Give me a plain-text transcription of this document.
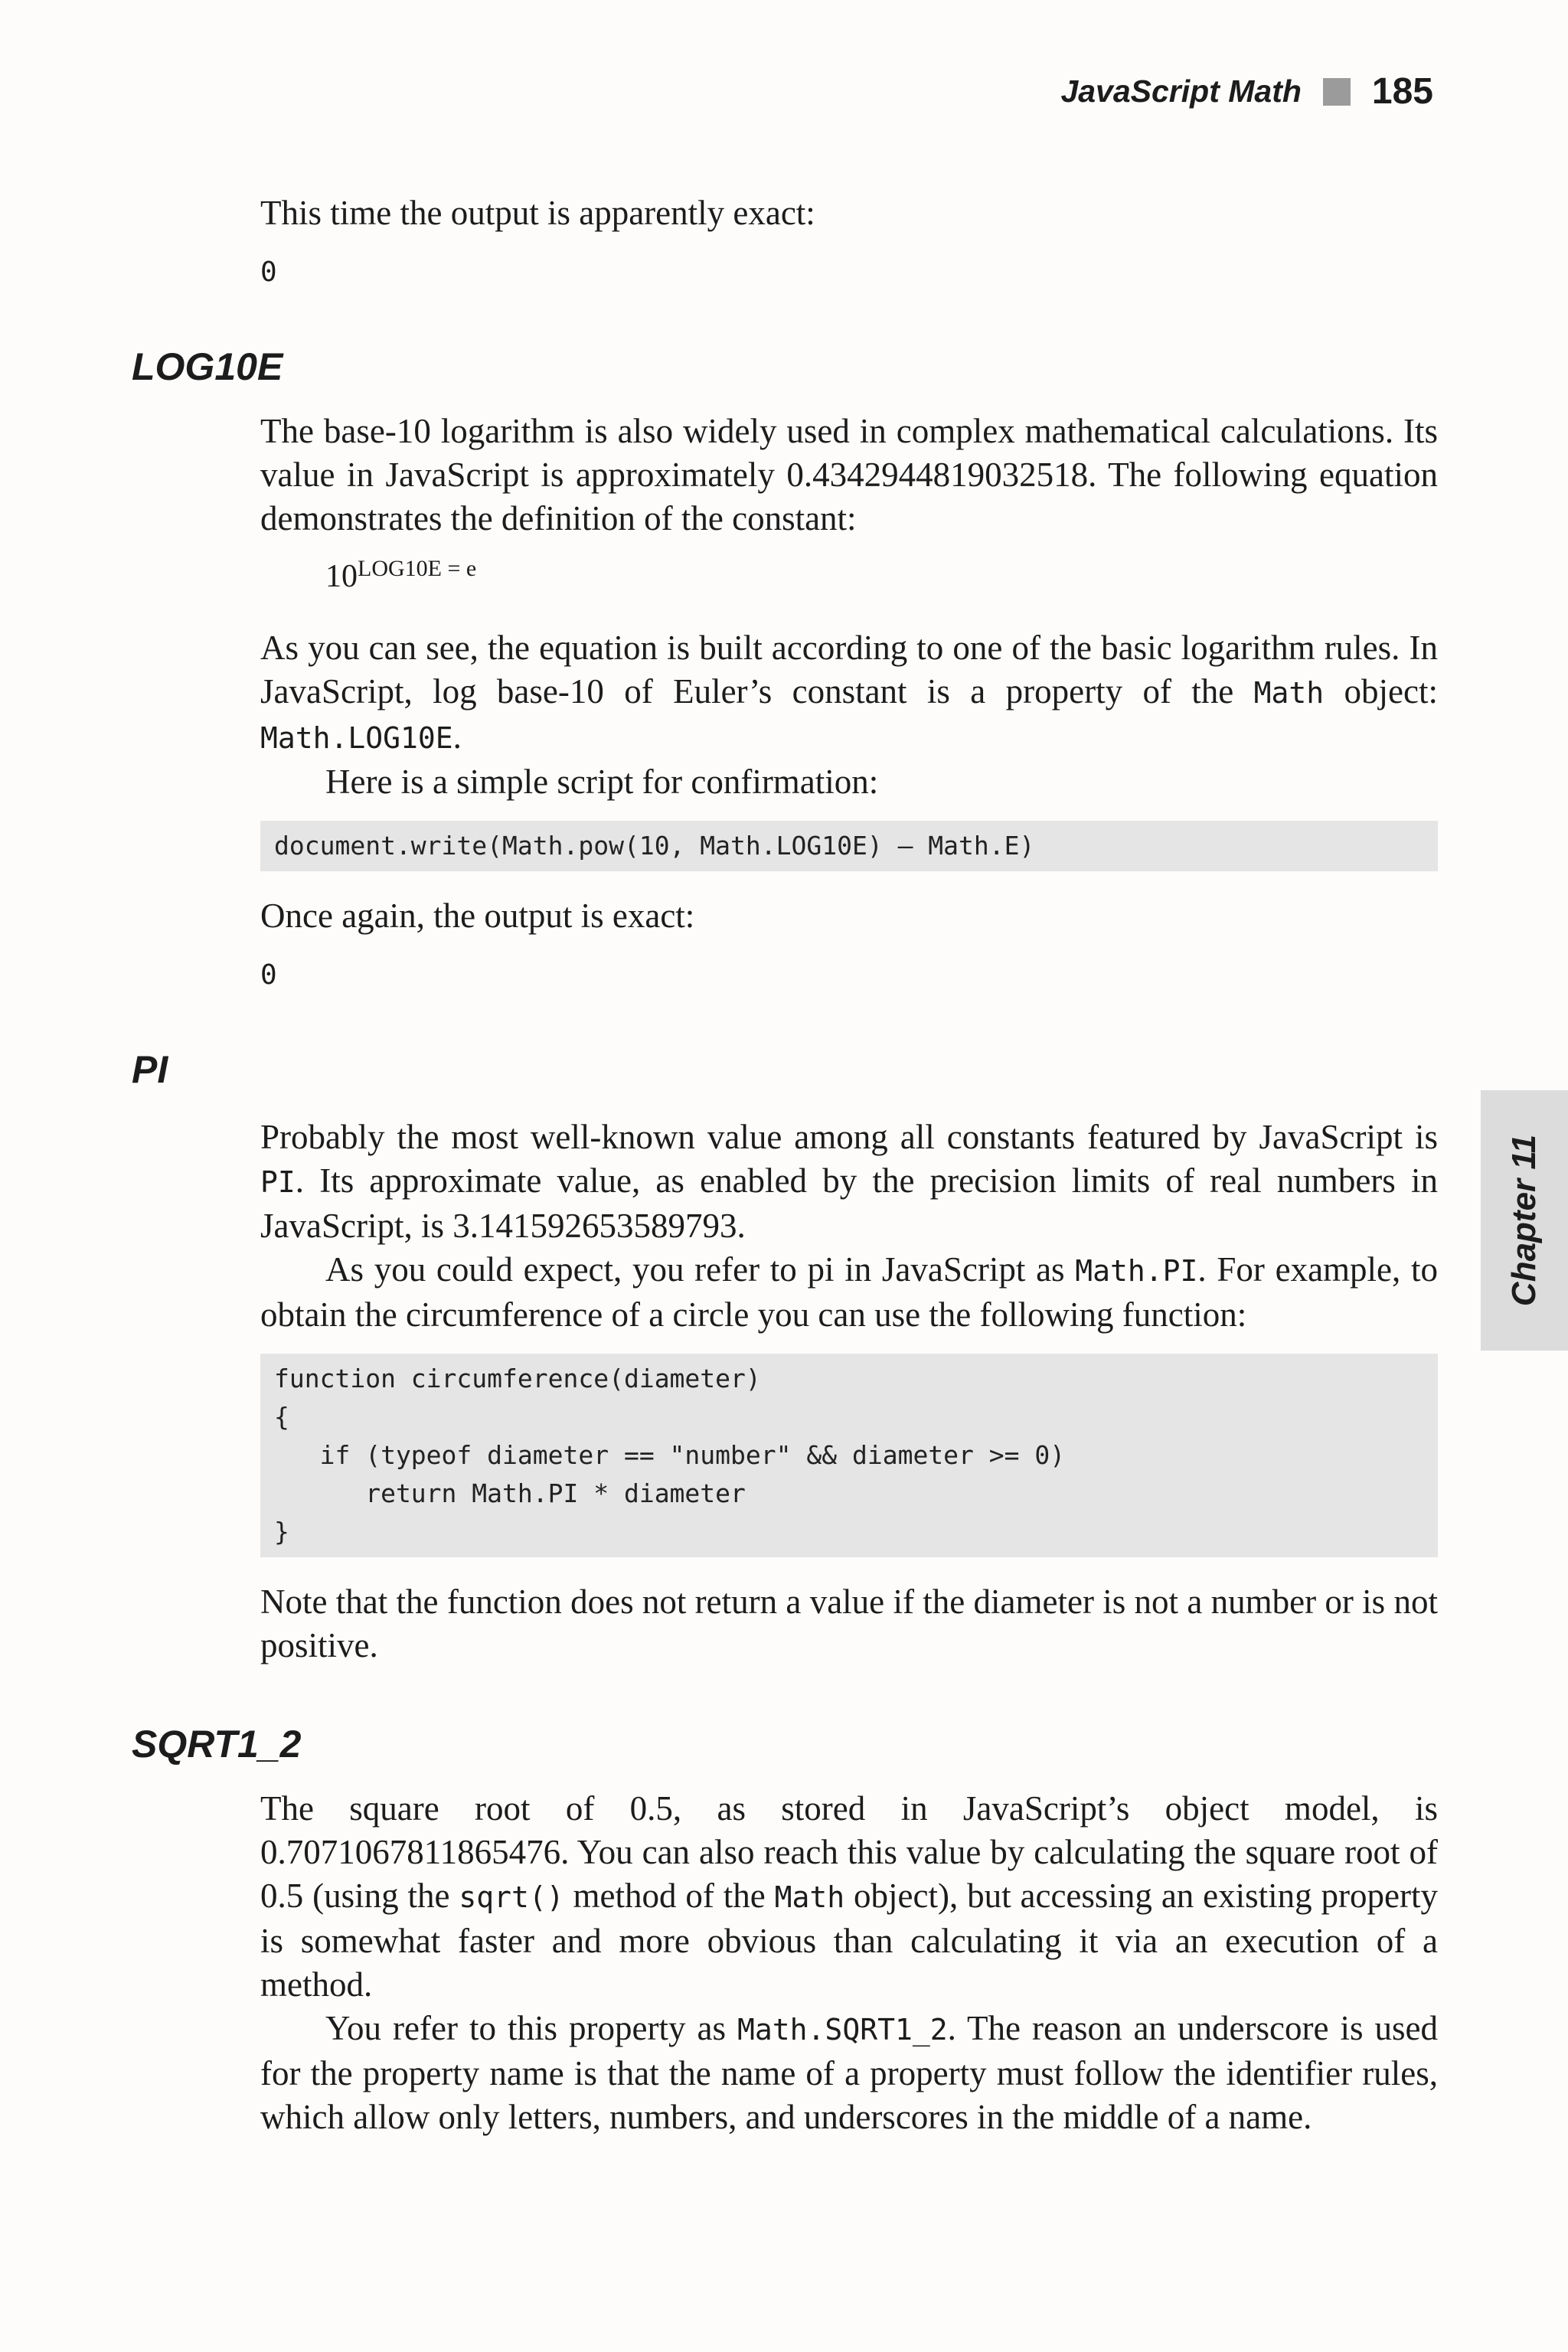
JavaScript Math 185
Chapter 11

This time the output is apparently exact:

0
LOG10E

The base-10 logarithm is also widely used in complex mathematical calculations. Its value in JavaScript is approximately 0.4342944819032518. The following equation demonstrates the definition of the constant:

$10^{LOG10E = e}$

As you can see, the equation is built according to one of the basic logarithm rules. In JavaScript, log base-10 of Euler’s constant is a property of the Math object: Math.LOG10E.

Here is a simple script for confirmation:

document.write(Math.pow(10, Math.LOG10E) – Math.E)

Once again, the output is exact:

0
PI

Probably the most well-known value among all constants featured by JavaScript is PI. Its approximate value, as enabled by the precision limits of real numbers in JavaScript, is 3.141592653589793.

As you could expect, you refer to pi in JavaScript as Math.PI. For example, to obtain the circumference of a circle you can use the following function:

function circumference(diameter)
{
if (typeof diameter == "number" && diameter >= 0)
return Math.PI * diameter
}

Note that the function does not return a value if the diameter is not a number or is not positive.

SQRT1_2

The square root of 0.5, as stored in JavaScript’s object model, is 0.7071067811865476. You can also reach this value by calculating the square root of 0.5 (using the sqrt() method of the Math object), but accessing an existing property is somewhat faster and more obvious than calculating it via an execution of a method.

You refer to this property as Math.SQRT1_2. The reason an underscore is used for the property name is that the name of a property must follow the identifier rules, which allow only letters, numbers, and underscores in the middle of a name.
